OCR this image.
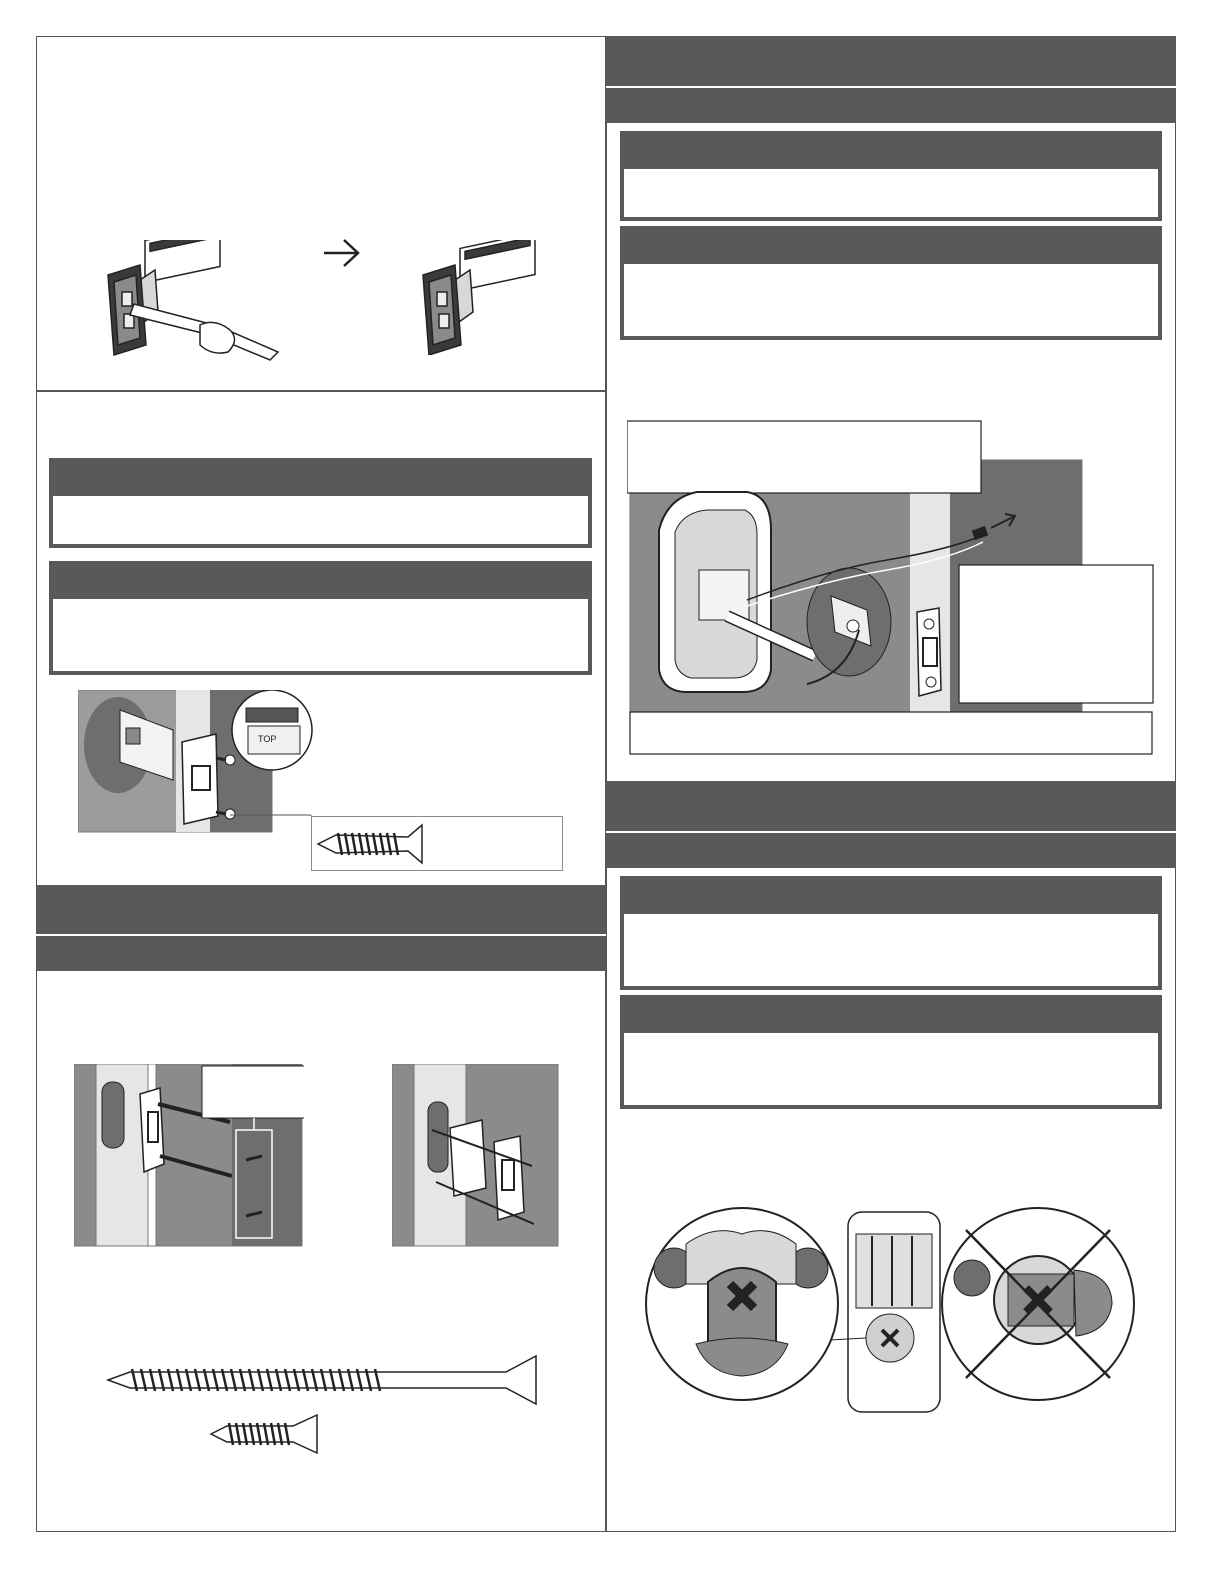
TOP
